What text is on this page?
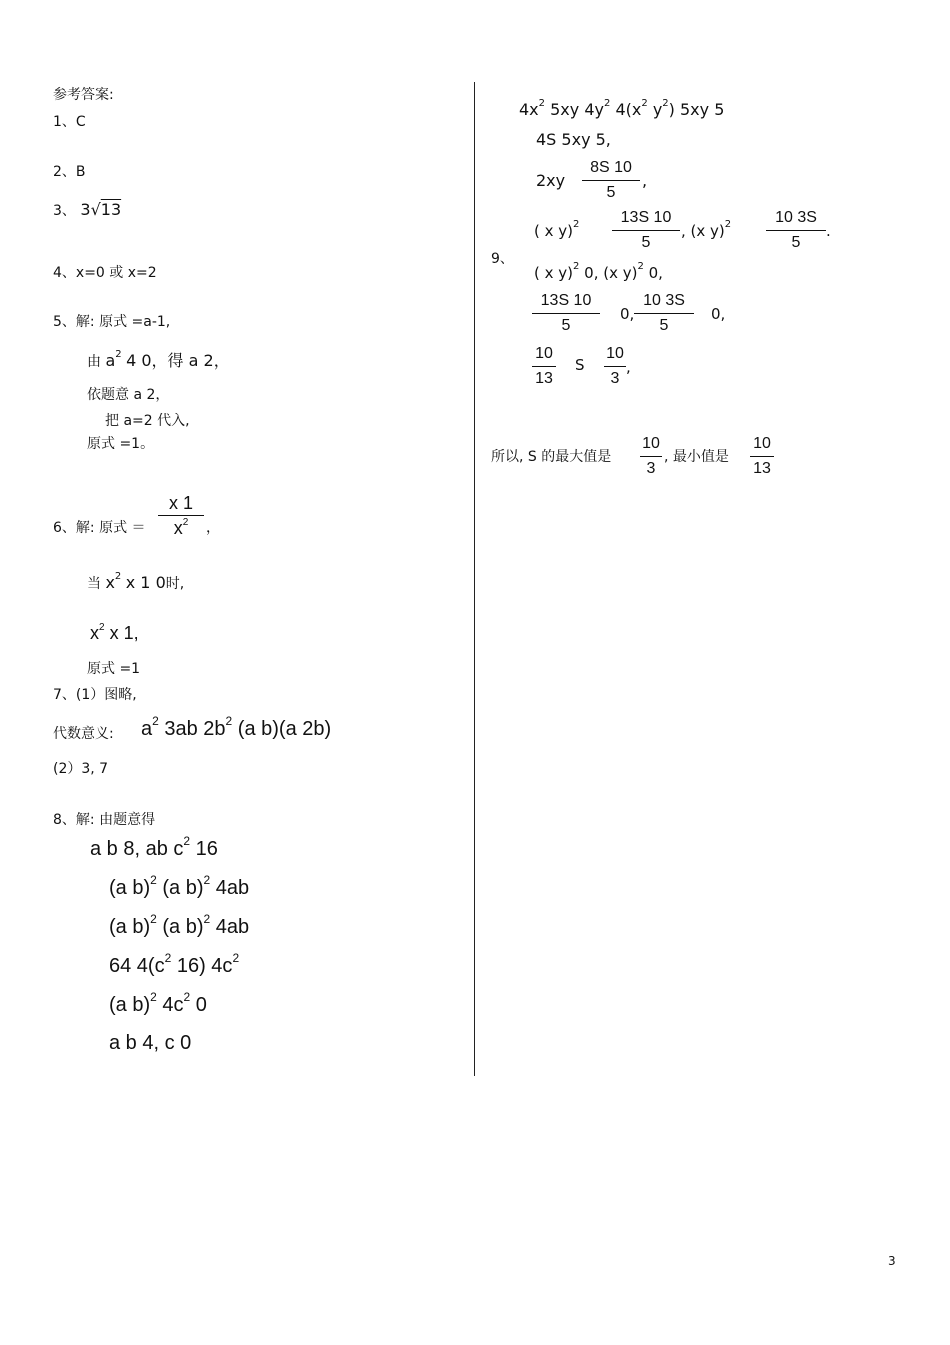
参考答案:
1、C
2、B
3、 3√13
4、x=0 或 x=2
5、解: 原式 =a-1,
由 $a^2$ 4 0，得 a 2，
依题意 a 2，
把 a=2 代入,
原式 =1。
6、解: 原式 ＝
x 1
$x^2$	，
当 $x^2$ x 1 0时,
$x^2$ x 1,
原式 =1
7、(1）图略,
代数意义: $a^2$ 3ab $2b^2$ (a b)(a 2b)
(2）3, 7
8、解: 由题意得
a b 8, ab $c^2$ 16
(a b)$^2$ (a b)$^2$ 4ab
(a b)$^2$ (a b)$^2$ 4ab
64 $4(c^2$ 16) $4c^2$
(a b)$^2$ $4c^2$ 0
a b 4, c 0
$4x^2$ 5xy $4y^2$ $4(x^2$ $y^2$) 5xy 5
4S 5xy 5,
2xy
8S 10
5
,
9、
( x y)$^2$	13S 10
5
, (x y)$^2$	10 3S
5
.
( x y)$^2$ 0, (x y)$^2$ 0,
13S 10
5
0,
10 3S
5
0,
10
13
S
10
3
,
所以, S 的最大值是
10
3
, 最小值是
10
13
3
